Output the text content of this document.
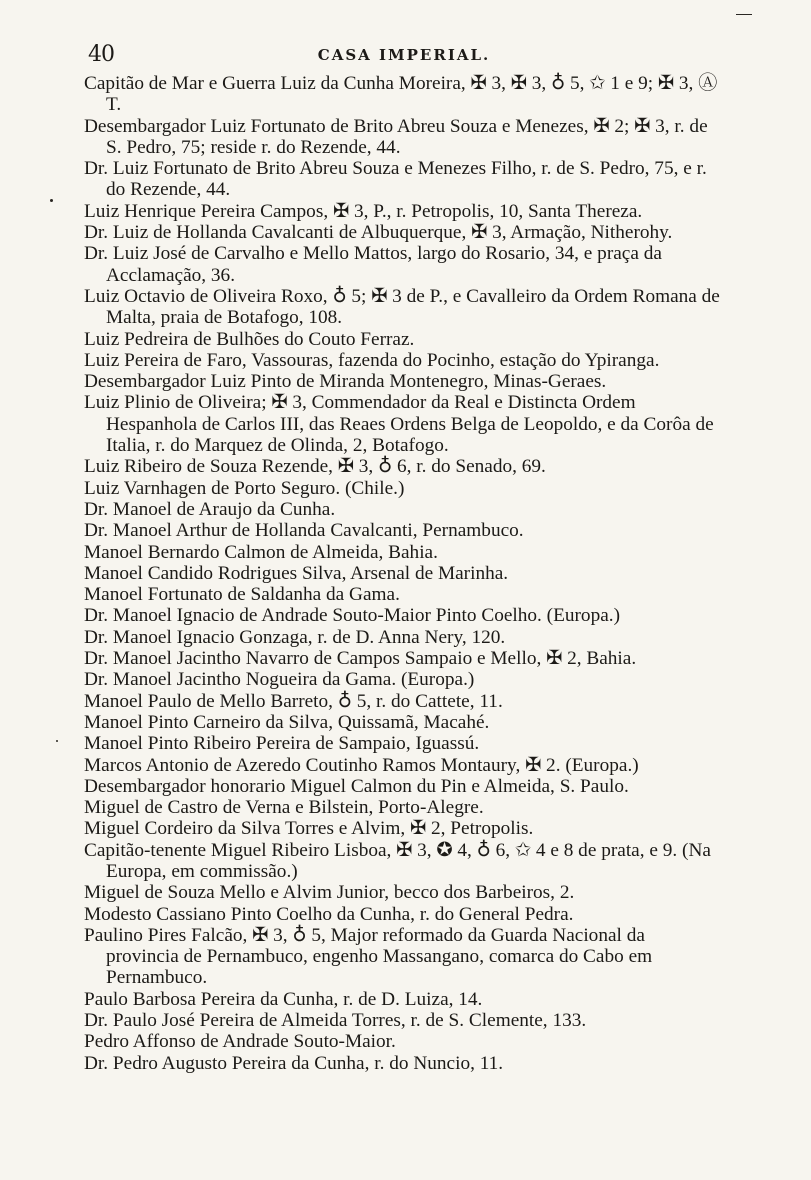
40	CASA IMPERIAL.

Capitão de Mar e Guerra Luiz da Cunha Moreira, ✠ 3, ✠ 3, ♁ 5, ✩ 1 e 9; ✠ 3, Ⓐ T.

Desembargador Luiz Fortunato de Brito Abreu Souza e Menezes, ✠ 2; ✠ 3, r. de S. Pedro, 75; reside r. do Rezende, 44.

Dr. Luiz Fortunato de Brito Abreu Souza e Menezes Filho, r. de S. Pedro, 75, e r. do Rezende, 44.

Luiz Henrique Pereira Campos, ✠ 3, P., r. Petropolis, 10, Santa Thereza.

Dr. Luiz de Hollanda Cavalcanti de Albuquerque, ✠ 3, Armação, Nitherohy.

Dr. Luiz José de Carvalho e Mello Mattos, largo do Rosario, 34, e praça da Acclamação, 36.

Luiz Octavio de Oliveira Roxo, ♁ 5; ✠ 3 de P., e Cavalleiro da Ordem Romana de Malta, praia de Botafogo, 108.

Luiz Pedreira de Bulhões do Couto Ferraz.

Luiz Pereira de Faro, Vassouras, fazenda do Pocinho, estação do Ypiranga.

Desembargador Luiz Pinto de Miranda Montenegro, Minas-Geraes.

Luiz Plinio de Oliveira; ✠ 3, Commendador da Real e Distincta Ordem Hespanhola de Carlos III, das Reaes Ordens Belga de Leopoldo, e da Corôa de Italia, r. do Marquez de Olinda, 2, Botafogo.

Luiz Ribeiro de Souza Rezende, ✠ 3, ♁ 6, r. do Senado, 69.

Luiz Varnhagen de Porto Seguro. (Chile.)

Dr. Manoel de Araujo da Cunha.

Dr. Manoel Arthur de Hollanda Cavalcanti, Pernambuco.

Manoel Bernardo Calmon de Almeida, Bahia.

Manoel Candido Rodrigues Silva, Arsenal de Marinha.

Manoel Fortunato de Saldanha da Gama.

Dr. Manoel Ignacio de Andrade Souto-Maior Pinto Coelho. (Europa.)

Dr. Manoel Ignacio Gonzaga, r. de D. Anna Nery, 120.

Dr. Manoel Jacintho Navarro de Campos Sampaio e Mello, ✠ 2, Bahia.

Dr. Manoel Jacintho Nogueira da Gama. (Europa.)

Manoel Paulo de Mello Barreto, ♁ 5, r. do Cattete, 11.

Manoel Pinto Carneiro da Silva, Quissamã, Macahé.

Manoel Pinto Ribeiro Pereira de Sampaio, Iguassú.

Marcos Antonio de Azeredo Coutinho Ramos Montaury, ✠ 2. (Europa.)

Desembargador honorario Miguel Calmon du Pin e Almeida, S. Paulo.

Miguel de Castro de Verna e Bilstein, Porto-Alegre.

Miguel Cordeiro da Silva Torres e Alvim, ✠ 2, Petropolis.

Capitão-tenente Miguel Ribeiro Lisboa, ✠ 3, ✪ 4, ♁ 6, ✩ 4 e 8 de prata, e 9. (Na Europa, em commissão.)

Miguel de Souza Mello e Alvim Junior, becco dos Barbeiros, 2.

Modesto Cassiano Pinto Coelho da Cunha, r. do General Pedra.

Paulino Pires Falcão, ✠ 3, ♁ 5, Major reformado da Guarda Nacional da provincia de Pernambuco, engenho Massangano, comarca do Cabo em Pernambuco.

Paulo Barbosa Pereira da Cunha, r. de D. Luiza, 14.

Dr. Paulo José Pereira de Almeida Torres, r. de S. Clemente, 133.

Pedro Affonso de Andrade Souto-Maior.

Dr. Pedro Augusto Pereira da Cunha, r. do Nuncio, 11.
